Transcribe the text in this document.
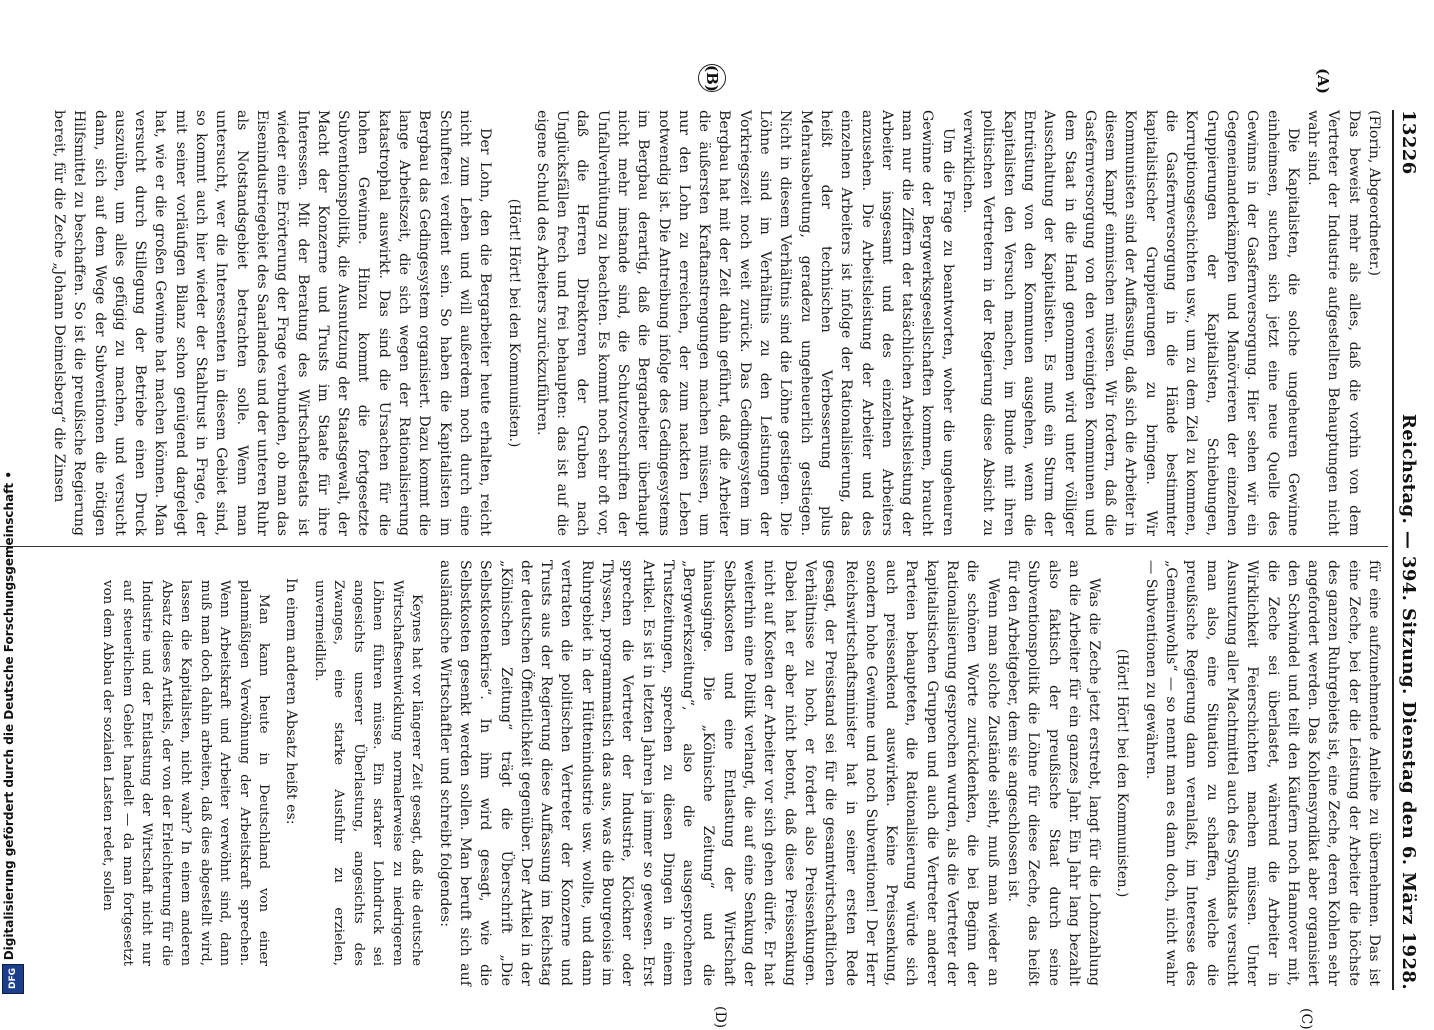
13226
Reichstag. — 394. Sitzung. Dienstag den 6. März 1928.
(A)
(B)
(C)
(D)

(Florin, Abgeordneter.)

Das beweist mehr als alles, daß die vorhin von dem Vertreter der Industrie aufgestellten Behauptungen nicht wahr sind.

Die Kapitalisten, die solche ungeheuren Gewinne einheimsen, suchen sich jetzt eine neue Quelle des Gewinns in der Gasfernversorgung. Hier sehen wir ein Gegeneinanderkämpfen und Manövrieren der einzelnen Gruppierungen der Kapitalisten, Schiebungen, Korruptionsgeschichten usw., um zu dem Ziel zu kommen, die Gasfernversorgung in die Hände bestimmter kapitalistischer Gruppierungen zu bringen. Wir Kommunisten sind der Auffassung, daß sich die Arbeiter in diesem Kampf einmischen müssen. Wir fordern, daß die Gasfernversorgung von den vereinigten Kommunen und dem Staat in die Hand genommen wird unter völliger Ausschaltung der Kapitalisten. Es muß ein Sturm der Entrüstung von den Kommunen ausgehen, wenn die Kapitalisten den Versuch machen, im Bunde mit ihren politischen Vertretern in der Regierung diese Absicht zu verwirklichen.

Um die Frage zu beantworten, woher die ungeheuren Gewinne der Bergwerksgesellschaften kommen, braucht man nur die Ziffern der tatsächlichen Arbeitsleistung der Arbeiter insgesamt und des einzelnen Arbeiters anzusehen. Die Arbeitsleistung der Arbeiter und des einzelnen Arbeiters ist infolge der Rationalisierung, das heißt der technischen Verbesserung plus Mehrausbeutung, geradezu ungeheuerlich gestiegen. Nicht in diesem Verhältnis sind die Löhne gestiegen. Die Löhne sind im Verhältnis zu den Leistungen der Vorkriegszeit noch weit zurück. Das Gedingesystem im Bergbau hat mit der Zeit dahin geführt, daß die Arbeiter die äußersten Kraftanstrengungen machen müssen, um nur den Lohn zu erreichen, der zum nackten Leben notwendig ist. Die Antreibung infolge des Gedingesystems im Bergbau derartig, daß die Bergarbeiter überhaupt nicht mehr imstande sind, die Schutzvorschriften der Unfallverhütung zu beachten. Es kommt noch sehr oft vor, daß die Herren Direktoren der Gruben nach Unglücksfällen frech und frei behaupten: das ist auf die eigene Schuld des Arbeiters zurückzuführen.

(Hört! Hört! bei den Kommunisten.)

Der Lohn, den die Bergarbeiter heute erhalten, reicht nicht zum Leben und will außerdem noch durch eine Schufterei verdient sein. So haben die Kapitalisten im Bergbau das Gedingesystem organisiert. Dazu kommt die lange Arbeitszeit, die sich wegen der Rationalisierung katastrophal auswirkt. Das sind die Ursachen für die hohen Gewinne. Hinzu kommt die fortgesetzte Subventionspolitik, die Ausnutzung der Staatsgewalt, der Macht der Konzerne und Trusts im Staate für ihre Interessen. Mit der Beratung des Wirtschaftsetats ist wieder eine Erörterung der Frage verbunden, ob man das Eisenindustriegebiet des Saarlandes und der unteren Ruhr als Notstandsgebiet betrachten solle. Wenn man untersucht, wer die Interessenten in diesem Gebiet sind, so kommt auch hier wieder der Stahltrust in Frage, der mit seiner vorläufigen Bilanz schon genügend dargelegt hat, wie er die großen Gewinne hat machen können. Man versucht durch Stillegung der Betriebe einen Druck auszuüben, um alles gefügig zu machen, und versucht dann, sich auf dem Wege der Subventionen die nötigen Hilfsmittel zu beschaffen. So ist die preußische Regierung bereit, für die Zeche „Johann Deimelsberg“ die Zinsen

für eine aufzunehmende Anleihe zu übernehmen. Das ist eine Zeche, bei der die Leistung der Arbeiter die höchste des ganzen Ruhrgebiets ist, eine Zeche, deren Kohlen sehr angefordert werden. Das Kohlensyndikat aber organisiert den Schwindel und teilt den Käufern noch Hannover mit, die Zeche sei überlastet, während die Arbeiter in Wirklichkeit Feierschichten machen müssen. Unter Ausnutzung aller Machtmittel auch des Syndikats versucht man also, eine Situation zu schaffen, welche die preußische Regierung dann veranlaßt, im Interesse des „Gemeinwohls“ — so nennt man es dann doch, nicht wahr — Subventionen zu gewähren.

(Hört! Hört! bei den Kommunisten.)

Was die Zeche jetzt erstrebt, langt für die Lohnzahlung an die Arbeiter für ein ganzes Jahr. Ein Jahr lang bezahlt also faktisch der preußische Staat durch seine Subventionspolitik die Löhne für diese Zeche, das heißt für den Arbeitgeber, dem sie angeschlossen ist.

Wenn man solche Zustände sieht, muß man wieder an die schönen Worte zurückdenken, die bei Beginn der Rationalisierung gesprochen wurden, als die Vertreter der kapitalistischen Gruppen und auch die Vertreter anderer Parteien behaupteten, die Rationalisierung würde sich auch preissenkend auswirken. Keine Preissenkung, sondern hohe Gewinne und noch Subventionen! Der Herr Reichswirtschaftsminister hat in seiner ersten Rede gesagt, der Preisstand sei für die gesamtwirtschaftlichen Verhältnisse zu hoch, er fordert also Preissenkungen. Dabei hat er aber nicht betont, daß diese Preissenkung nicht auf Kosten der Arbeiter vor sich gehen dürfe. Er hat weiterhin eine Politik verlangt, die auf eine Senkung der Selbstkosten und eine Entlastung der Wirtschaft hinausgingе. Die „Kölnische Zeitung“ und die „Bergwerkszeitung“, also die ausgesprochenen Trustzeitungen, sprechen zu diesen Dingen in einem Artikel. Es ist in letzten Jahren ja immer so gewesen. Erst sprechen die Vertreter der Industrie, Klöckner oder Thyssen, programmatisch das aus, was die Bourgeoisie im Ruhrgebiet in der Hüttenindustrie usw. wollte, und dann vertraten die politischen Vertreter der Konzerne und Trusts aus der Regierung diese Auffassung im Reichstag der deutschen Öffentlichkeit gegenüber. Der Artikel in der „Kölnischen Zeitung“ trägt die Überschrift „Die Selbstkostenkrise“. In ihm wird gesagt, wie die Selbstkosten gesenkt werden sollen. Man beruft sich auf ausländische Wirtschaftler und schreibt folgendes:

Keynes hat vor längerer Zeit gesagt, daß die deutsche Wirtschaftsentwicklung normalerweise zu niedrigeren Löhnen führen müsse. Ein starker Lohndruck sei angesichts unserer Überlastung, angesichts des Zwanges, eine starke Ausfuhr zu erzielen, unvermeidlich.

In einem anderen Absatz heißt es:

Man kann heute in Deutschland von einer planmäßigen Verwöhnung der Arbeitskraft sprechen. Wenn Arbeitskraft und Arbeiter verwöhnt sind, dann muß man doch dahin arbeiten, daß dies abgestellt wird, lassen die Kapitalisten, nicht wahr? In einem anderen Absatz dieses Artikels, der von der Erleichterung für die Industrie und der Entlastung der Wirtschaft nicht nur auf steuerlichem Gebiet handelt — da man fortgesetzt von dem Abbau der sozialen Lasten redet, sollen

Digitalisierung gefördert durch die Deutsche Forschungsgemeinschaft •
DFG
